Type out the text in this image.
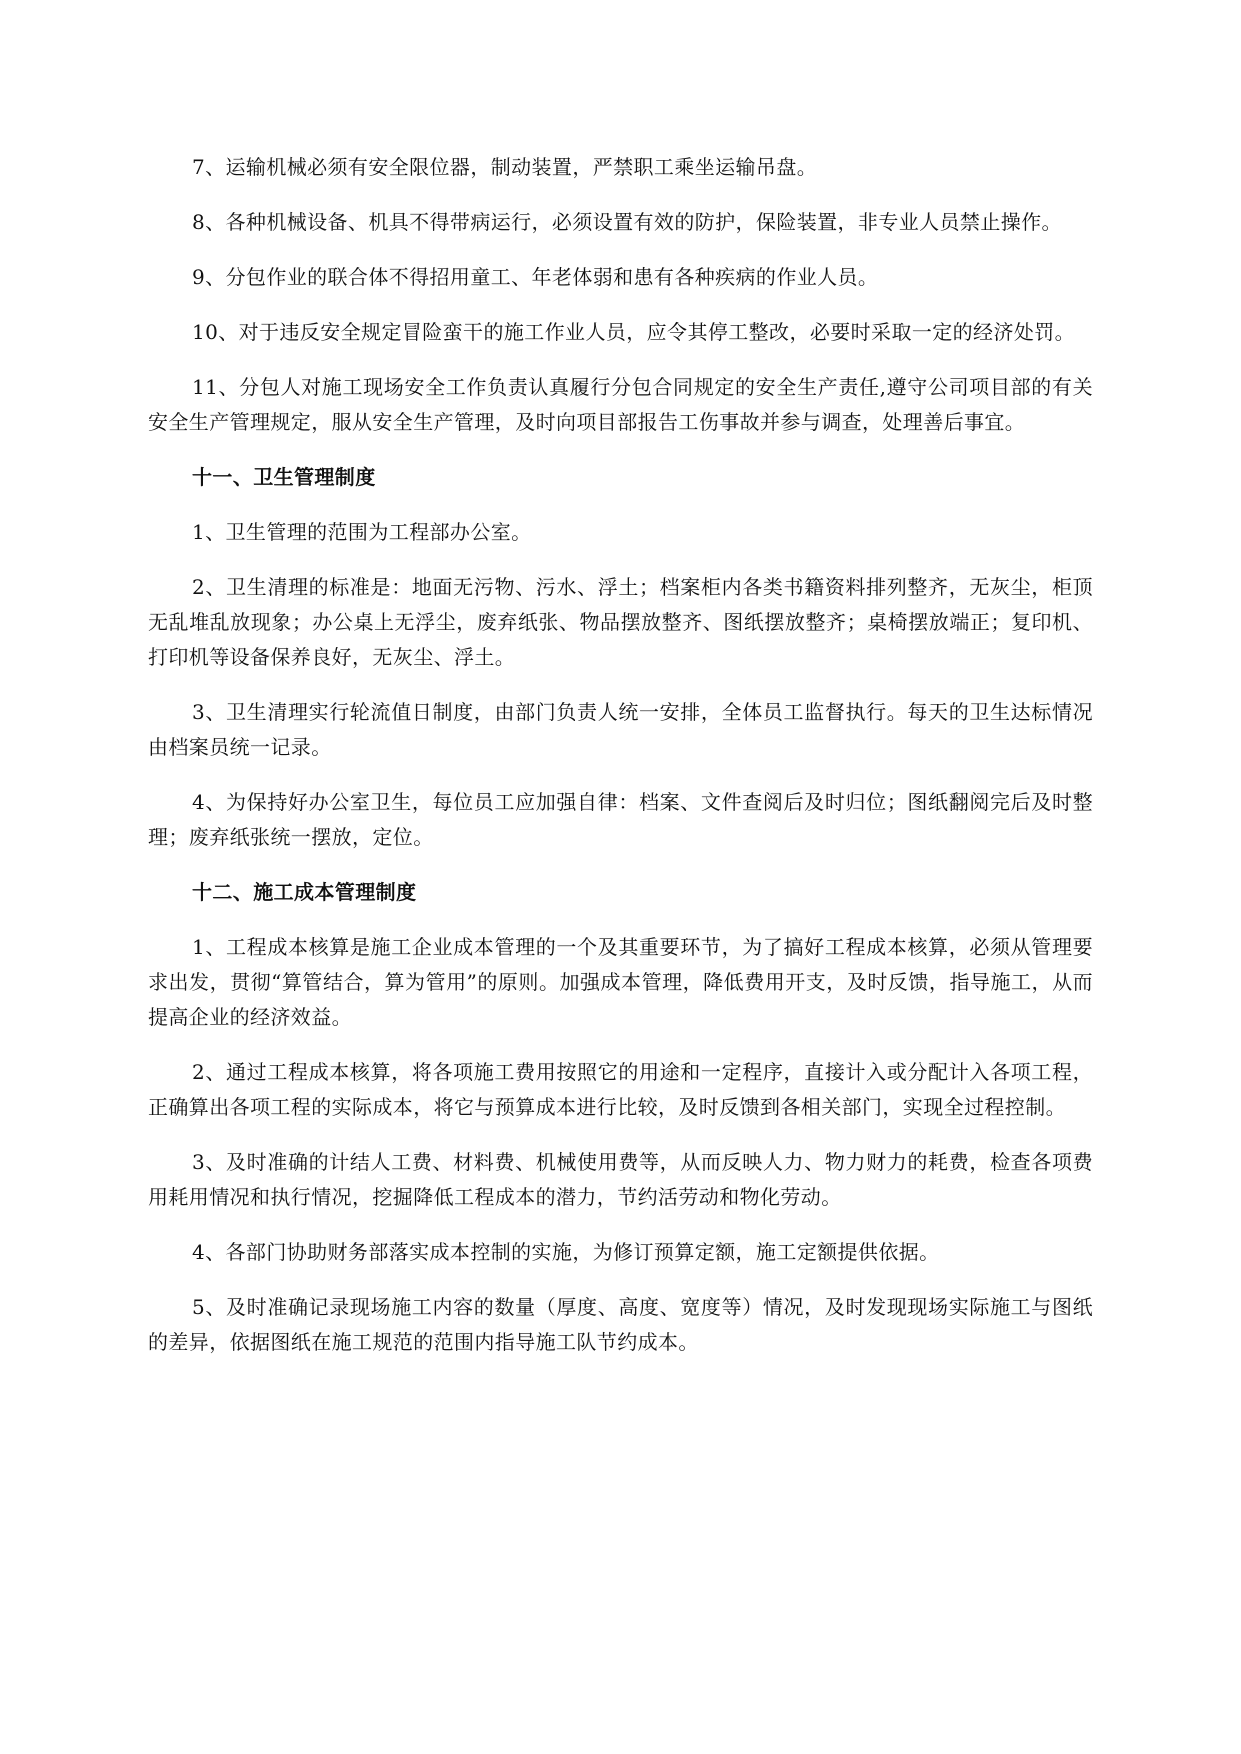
7、运输机械必须有安全限位器，制动装置，严禁职工乘坐运输吊盘。

8、各种机械设备、机具不得带病运行，必须设置有效的防护，保险装置，非专业人员禁止操作。

9、分包作业的联合体不得招用童工、年老体弱和患有各种疾病的作业人员。

10、对于违反安全规定冒险蛮干的施工作业人员，应令其停工整改，必要时采取一定的经济处罚。

11、分包人对施工现场安全工作负责认真履行分包合同规定的安全生产责任,遵守公司项目部的有关安全生产管理规定，服从安全生产管理，及时向项目部报告工伤事故并参与调查，处理善后事宜。

十一、卫生管理制度

1、卫生管理的范围为工程部办公室。

2、卫生清理的标准是：地面无污物、污水、浮土；档案柜内各类书籍资料排列整齐，无灰尘，柜顶无乱堆乱放现象；办公桌上无浮尘，废弃纸张、物品摆放整齐、图纸摆放整齐；桌椅摆放端正；复印机、打印机等设备保养良好，无灰尘、浮土。

3、卫生清理实行轮流值日制度，由部门负责人统一安排，全体员工监督执行。每天的卫生达标情况由档案员统一记录。

4、为保持好办公室卫生，每位员工应加强自律：档案、文件查阅后及时归位；图纸翻阅完后及时整理；废弃纸张统一摆放，定位。

十二、施工成本管理制度

1、工程成本核算是施工企业成本管理的一个及其重要环节，为了搞好工程成本核算，必须从管理要求出发，贯彻“算管结合，算为管用”的原则。加强成本管理，降低费用开支，及时反馈，指导施工，从而提高企业的经济效益。

2、通过工程成本核算，将各项施工费用按照它的用途和一定程序，直接计入或分配计入各项工程，正确算出各项工程的实际成本，将它与预算成本进行比较，及时反馈到各相关部门，实现全过程控制。

3、及时准确的计结人工费、材料费、机械使用费等，从而反映人力、物力财力的耗费，检查各项费用耗用情况和执行情况，挖掘降低工程成本的潜力，节约活劳动和物化劳动。

4、各部门协助财务部落实成本控制的实施，为修订预算定额，施工定额提供依据。

5、及时准确记录现场施工内容的数量（厚度、高度、宽度等）情况，及时发现现场实际施工与图纸的差异，依据图纸在施工规范的范围内指导施工队节约成本。
